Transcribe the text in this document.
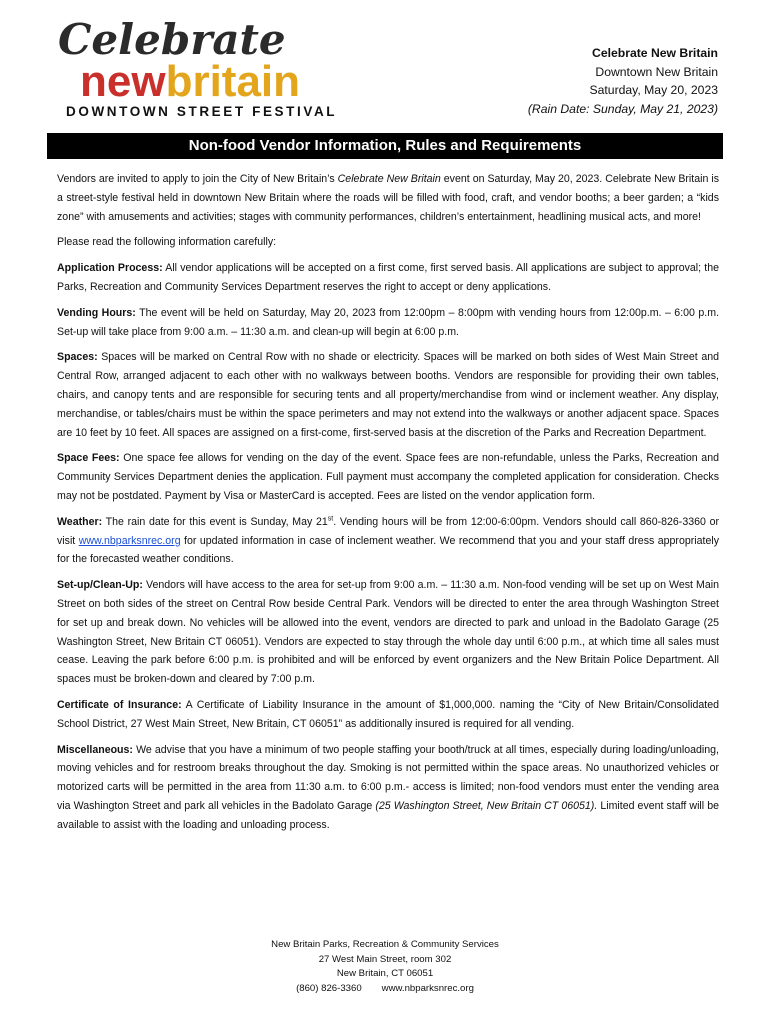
Celebrate
newbritain
DOWNTOWN STREET FESTIVAL
Celebrate New Britain
Downtown New Britain
Saturday, May 20, 2023
(Rain Date: Sunday, May 21, 2023)
Non-food Vendor Information, Rules and Requirements

Vendors are invited to apply to join the City of New Britain’s Celebrate New Britain event on Saturday, May 20, 2023. Celebrate New Britain is a street-style festival held in downtown New Britain where the roads will be filled with food, craft, and vendor booths; a beer garden; a “kids zone” with amusements and activities; stages with community performances, children’s entertainment, headlining musical acts, and more!

Please read the following information carefully:

Application Process: All vendor applications will be accepted on a first come, first served basis. All applications are subject to approval; the Parks, Recreation and Community Services Department reserves the right to accept or deny applications.

Vending Hours: The event will be held on Saturday, May 20, 2023 from 12:00pm – 8:00pm with vending hours from 12:00p.m. – 6:00 p.m. Set-up will take place from 9:00 a.m. – 11:30 a.m. and clean-up will begin at 6:00 p.m.

Spaces: Spaces will be marked on Central Row with no shade or electricity. Spaces will be marked on both sides of West Main Street and Central Row, arranged adjacent to each other with no walkways between booths. Vendors are responsible for providing their own tables, chairs, and canopy tents and are responsible for securing tents and all property/merchandise from wind or inclement weather. Any display, merchandise, or tables/chairs must be within the space perimeters and may not extend into the walkways or another adjacent space. Spaces are 10 feet by 10 feet. All spaces are assigned on a first-come, first-served basis at the discretion of the Parks and Recreation Department.

Space Fees: One space fee allows for vending on the day of the event. Space fees are non-refundable, unless the Parks, Recreation and Community Services Department denies the application. Full payment must accompany the completed application for consideration. Checks may not be postdated. Payment by Visa or MasterCard is accepted. Fees are listed on the vendor application form.

Weather: The rain date for this event is Sunday, May 21st. Vending hours will be from 12:00-6:00pm. Vendors should call 860-826-3360 or visit www.nbparksnrec.org for updated information in case of inclement weather. We recommend that you and your staff dress appropriately for the forecasted weather conditions.

Set-up/Clean-Up: Vendors will have access to the area for set-up from 9:00 a.m. – 11:30 a.m. Non-food vending will be set up on West Main Street on both sides of the street on Central Row beside Central Park. Vendors will be directed to enter the area through Washington Street for set up and break down. No vehicles will be allowed into the event, vendors are directed to park and unload in the Badolato Garage (25 Washington Street, New Britain CT 06051). Vendors are expected to stay through the whole day until 6:00 p.m., at which time all sales must cease. Leaving the park before 6:00 p.m. is prohibited and will be enforced by event organizers and the New Britain Police Department. All spaces must be broken-down and cleared by 7:00 p.m.

Certificate of Insurance: A Certificate of Liability Insurance in the amount of $1,000,000. naming the “City of New Britain/Consolidated School District, 27 West Main Street, New Britain, CT 06051” as additionally insured is required for all vending.

Miscellaneous: We advise that you have a minimum of two people staffing your booth/truck at all times, especially during loading/unloading, moving vehicles and for restroom breaks throughout the day. Smoking is not permitted within the space areas. No unauthorized vehicles or motorized carts will be permitted in the area from 11:30 a.m. to 6:00 p.m.- access is limited; non-food vendors must enter the vending area via Washington Street and park all vehicles in the Badolato Garage (25 Washington Street, New Britain CT 06051). Limited event staff will be available to assist with the loading and unloading process.

New Britain Parks, Recreation & Community Services
27 West Main Street, room 302
New Britain, CT 06051
(860) 826-3360 www.nbparksnrec.org
